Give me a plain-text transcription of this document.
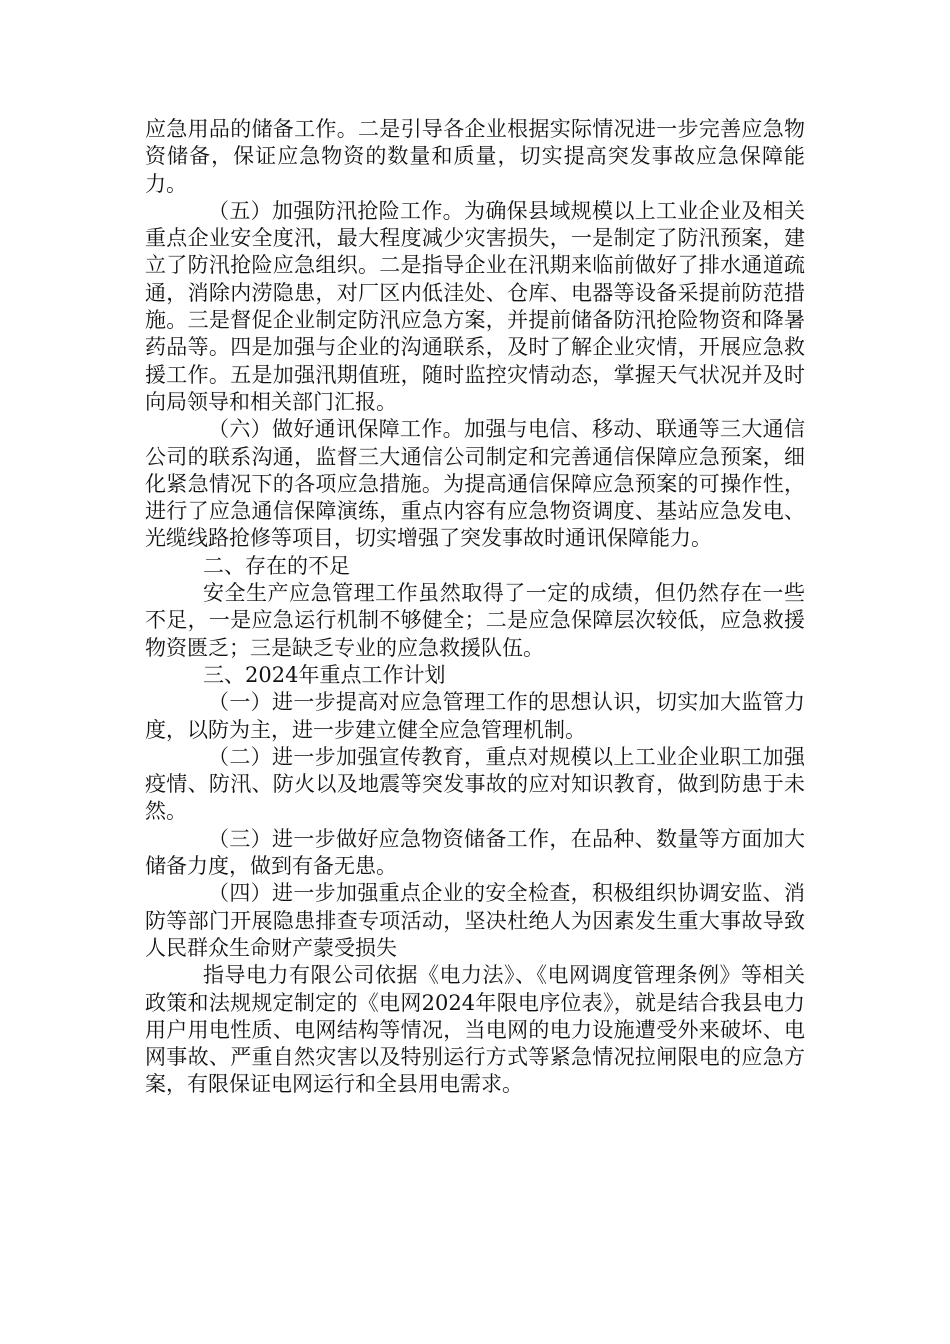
应急用品的储备工作。二是引导各企业根据实际情况进一步完善应急物资储备，保证应急物资的数量和质量，切实提高突发事故应急保障能力。

（五）加强防汛抢险工作。为确保县域规模以上工业企业及相关重点企业安全度汛，最大程度减少灾害损失，一是制定了防汛预案，建立了防汛抢险应急组织。二是指导企业在汛期来临前做好了排水通道疏通，消除内涝隐患，对厂区内低洼处、仓库、电器等设备采提前防范措施。三是督促企业制定防汛应急方案，并提前储备防汛抢险物资和降暑药品等。四是加强与企业的沟通联系，及时了解企业灾情，开展应急救援工作。五是加强汛期值班，随时监控灾情动态，掌握天气状况并及时向局领导和相关部门汇报。

（六）做好通讯保障工作。加强与电信、移动、联通等三大通信公司的联系沟通，监督三大通信公司制定和完善通信保障应急预案，细化紧急情况下的各项应急措施。为提高通信保障应急预案的可操作性，进行了应急通信保障演练，重点内容有应急物资调度、基站应急发电、光缆线路抢修等项目，切实增强了突发事故时通讯保障能力。

二、存在的不足

安全生产应急管理工作虽然取得了一定的成绩，但仍然存在一些不足，一是应急运行机制不够健全；二是应急保障层次较低，应急救援物资匮乏；三是缺乏专业的应急救援队伍。

三、2024年重点工作计划

（一）进一步提高对应急管理工作的思想认识，切实加大监管力度，以防为主，进一步建立健全应急管理机制。

（二）进一步加强宣传教育，重点对规模以上工业企业职工加强疫情、防汛、防火以及地震等突发事故的应对知识教育，做到防患于未然。

（三）进一步做好应急物资储备工作，在品种、数量等方面加大储备力度，做到有备无患。

（四）进一步加强重点企业的安全检查，积极组织协调安监、消防等部门开展隐患排查专项活动，坚决杜绝人为因素发生重大事故导致人民群众生命财产蒙受损失

指导电力有限公司依据《电力法》、《电网调度管理条例》等相关政策和法规规定制定的《电网2024年限电序位表》，就是结合我县电力用户用电性质、电网结构等情况，当电网的电力设施遭受外来破坏、电网事故、严重自然灾害以及特别运行方式等紧急情况拉闸限电的应急方案，有限保证电网运行和全县用电需求。
